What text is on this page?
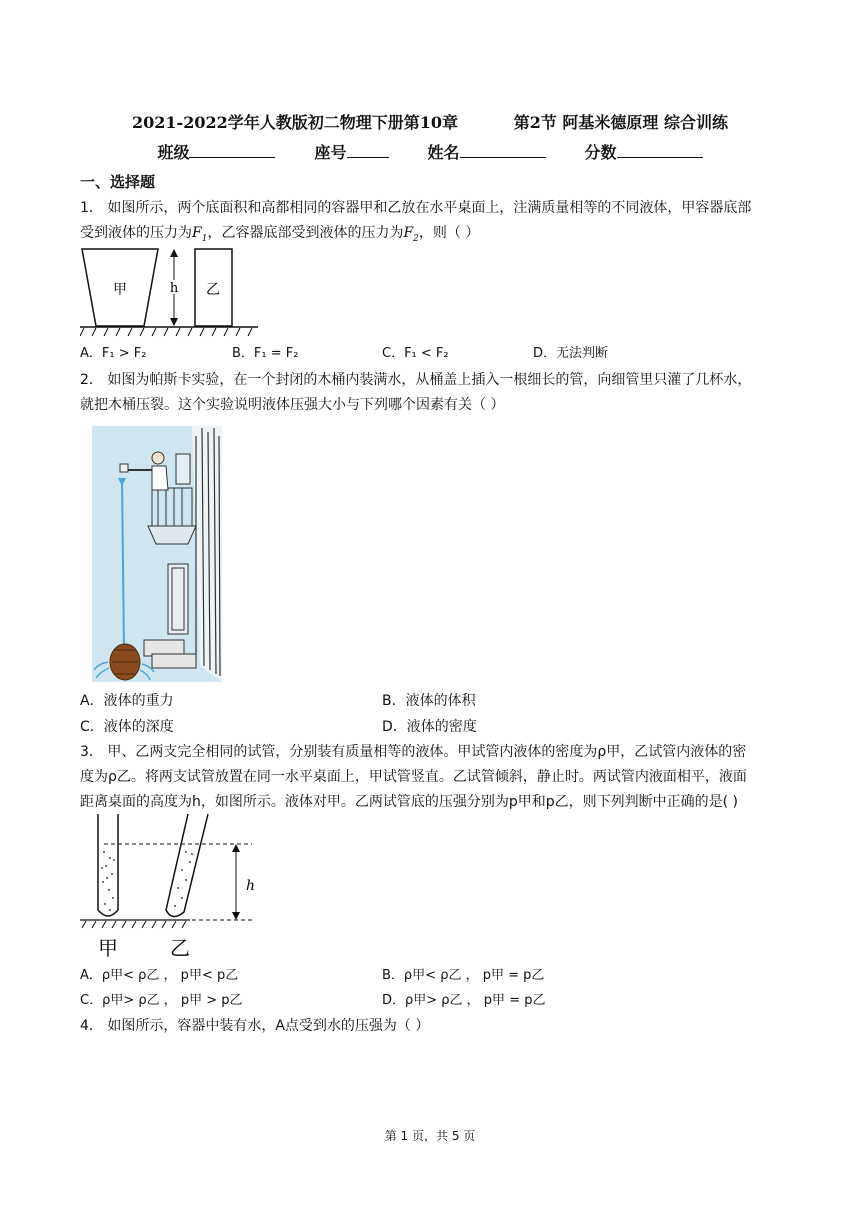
2021-2022学年人教版初二物理下册第10章          第2节 阿基米德原理 综合训练
班级	座号	姓名	分数
一、选择题
1． 如图所示，两个底面积和高都相同的容器甲和乙放在水平桌面上，注满质量相等的不同液体，甲容器底部
受到液体的压力为$F_1$，乙容器底部受到液体的压力为$F_2$，则（ ）
甲	h 乙
A．F₁ > F₂	B．F₁ = F₂	C．F₁ < F₂	D．无法判断
2． 如图为帕斯卡实验，在一个封闭的木桶内装满水，从桶盖上插入一根细长的管，向细管里只灌了几杯水，
就把木桶压裂。这个实验说明液体压强大小与下列哪个因素有关（ ）
A．液体的重力	B．液体的体积
C．液体的深度	D．液体的密度
3． 甲、乙两支完全相同的试管，分别装有质量相等的液体。甲试管内液体的密度为ρ甲，乙试管内液体的密
度为ρ乙。将两支试管放置在同一水平桌面上，甲试管竖直。乙试管倾斜，静止时。两试管内液面相平，液面
距离桌面的高度为h，如图所示。液体对甲。乙两试管底的压强分别为p甲和p乙，则下列判断中正确的是( )
h
甲	乙
A．ρ甲< ρ乙 ， p甲< p乙	B．ρ甲< ρ乙 ， p甲 = p乙
C．ρ甲> ρ乙 ， p甲 > p乙	D．ρ甲> ρ乙 ， p甲 = p乙
4． 如图所示，容器中装有水，A点受到水的压强为（ ）
第 1 页，共 5 页
